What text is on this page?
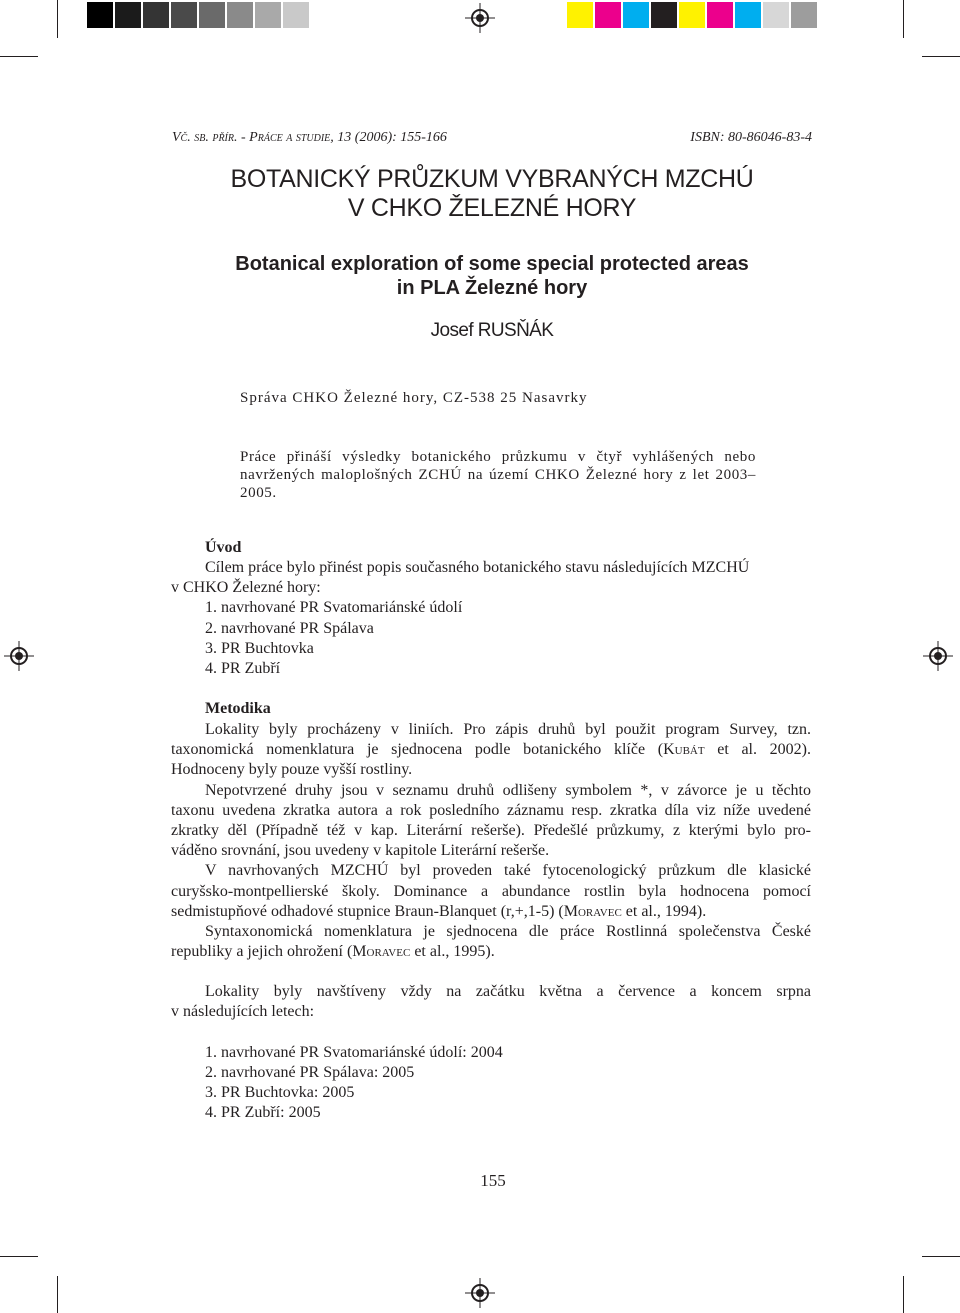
Vč. sb. přír. - Práce a studie, 13 (2006): 155-166	ISBN: 80-86046-83-4
BOTANICKÝ PRŮZKUM VYBRANÝCH MZCHÚ
V CHKO ŽELEZNÉ HORY
Botanical exploration of some special protected areas
in PLA Železné hory
Josef RUSŇÁK
Správa CHKO Železné hory, CZ-538 25 Nasavrky
Práce přináší výsledky botanického průzkumu v čtyř vyhlášených nebo
navržených maloplošných ZCHÚ na území CHKO Železné hory z let 2003–
2005.
Úvod
Cílem práce bylo přinést popis současného botanického stavu následujících MZCHÚ
v CHKO Železné hory:
1. navrhované PR Svatomariánské údolí
2. navrhované PR Spálava
3. PR Buchtovka
4. PR Zubří
Metodika
Lokality byly procházeny v liniích. Pro zápis druhů byl použit program Survey, tzn.
taxonomická nomenklatura je sjednocena podle botanického klíče (Kubát et al. 2002).
Hodnoceny byly pouze vyšší rostliny.
Nepotvrzené druhy jsou v seznamu druhů odlišeny symbolem *, v závorce je u těchto
taxonu uvedena zkratka autora a rok posledního záznamu resp. zkratka díla viz níže uvedené
zkratky děl (Případně též v kap. Literární rešerše). Předešlé průzkumy, z kterými bylo pro-
váděno srovnání, jsou uvedeny v kapitole Literární rešerše.
V navrhovaných MZCHÚ byl proveden také fytocenologický průzkum dle klasické
curyšsko-montpellierské školy. Dominance a abundance rostlin byla hodnocena pomocí
sedmistupňové odhadové stupnice Braun-Blanquet (r,+,1-5) (Moravec et al., 1994).
Syntaxonomická nomenklatura je sjednocena dle práce Rostlinná společenstva České
republiky a jejich ohrožení (Moravec et al., 1995).
Lokality byly navštíveny vždy na začátku května a července a koncem srpna
v následujících letech:
1. navrhované PR Svatomariánské údolí: 2004
2. navrhované PR Spálava: 2005
3. PR Buchtovka: 2005
4. PR Zubří: 2005
155
